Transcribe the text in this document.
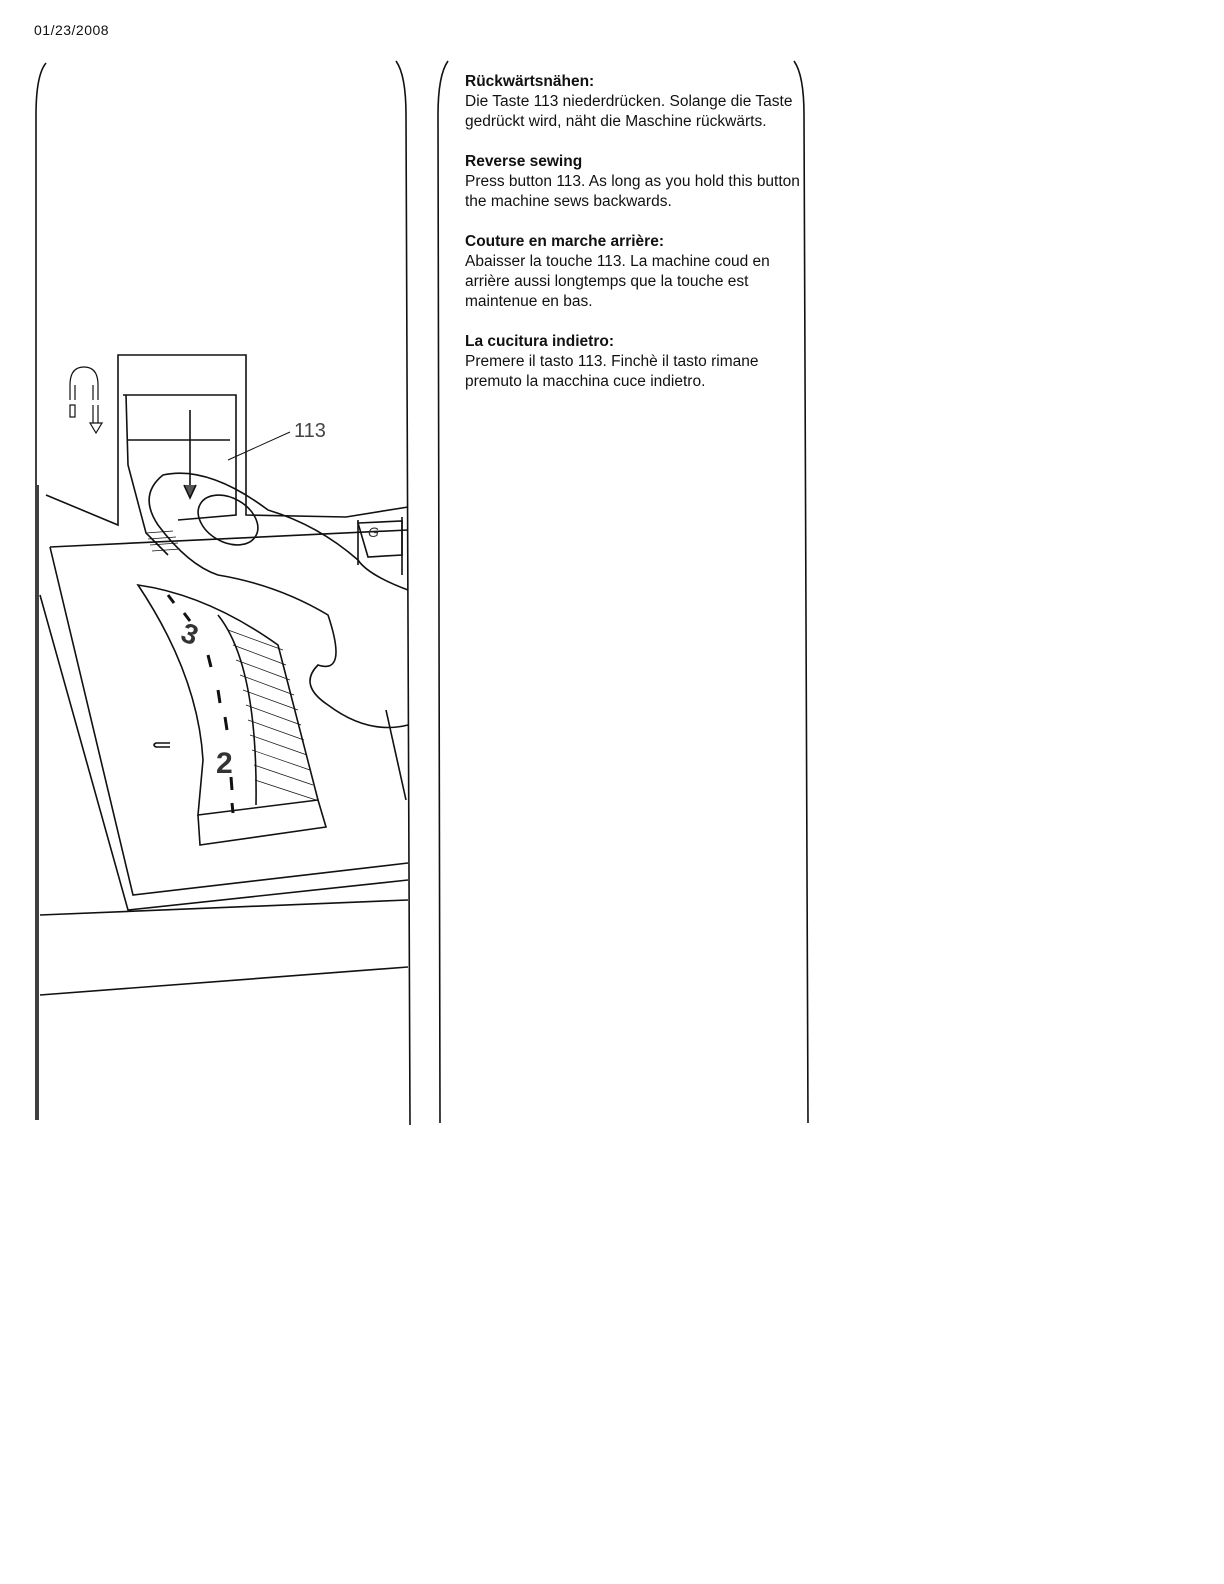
01/23/2008
113
3
2
G
Rückwärtsnähen:

Die Taste 113 niederdrücken. Solange die Taste gedrückt wird, näht die Maschine rückwärts.

Reverse sewing

Press button 113. As long as you hold this button the machine sews backwards.

Couture en marche arrière:

Abaisser la touche 113. La machine coud en arrière aussi longtemps que la touche est maintenue en bas.

La cucitura indietro:

Premere il tasto 113. Finchè il tasto rimane premuto la macchina cuce indietro.
